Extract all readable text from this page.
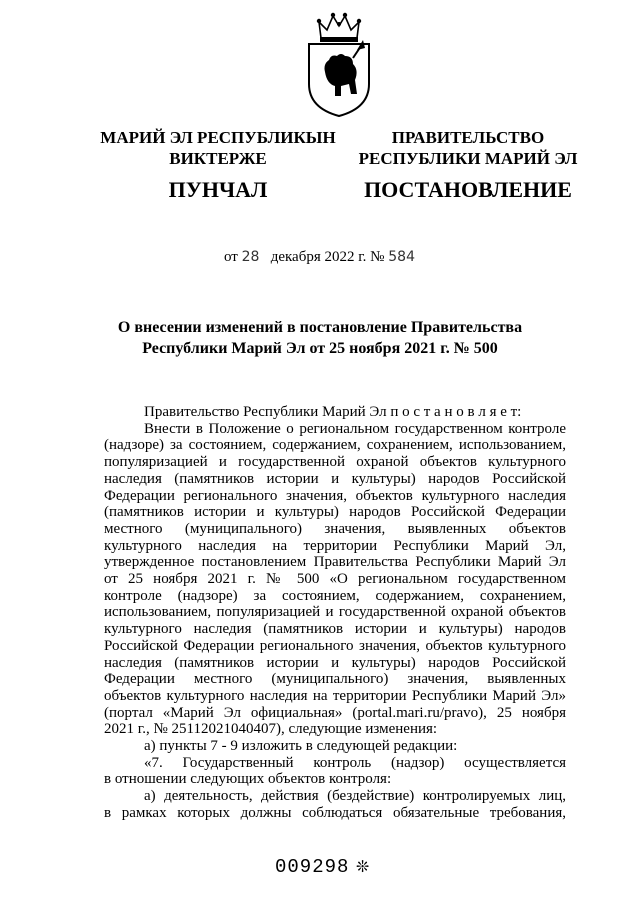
МАРИЙ ЭЛ РЕСПУБЛИКЫН
ВИКТЕРЖЕ
ПУНЧАЛ
ПРАВИТЕЛЬСТВО
РЕСПУБЛИКИ МАРИЙ ЭЛ
ПОСТАНОВЛЕНИЕ
от 28 декабря 2022 г. № 584
О внесении изменений в постановление Правительства
Республики Марий Эл от 25 ноября 2021 г. № 500

Правительство Республики Марий Эл п о с т а н о в л я е т:

Внести в Положение о региональном государственном контроле

(надзоре) за состоянием, содержанием, сохранением, использованием,

популяризацией и государственной охраной объектов культурного

наследия (памятников истории и культуры) народов Российской

Федерации регионального значения, объектов культурного наследия

(памятников истории и культуры) народов Российской Федерации

местного (муниципального) значения, выявленных объектов

культурного наследия на территории Республики Марий Эл,

утвержденное постановлением Правительства Республики Марий Эл

от 25 ноября 2021 г. № 500 «О региональном государственном

контроле (надзоре) за состоянием, содержанием, сохранением,

использованием, популяризацией и государственной охраной объектов

культурного наследия (памятников истории и культуры) народов

Российской Федерации регионального значения, объектов культурного

наследия (памятников истории и культуры) народов Российской

Федерации местного (муниципального) значения, выявленных

объектов культурного наследия на территории Республики Марий Эл»

(портал «Марий Эл официальная» (portal.mari.ru/pravo), 25 ноября

2021 г., № 25112021040407), следующие изменения:

а) пункты 7 - 9 изложить в следующей редакции:

«7. Государственный контроль (надзор) осуществляется

в отношении следующих объектов контроля:

а) деятельность, действия (бездействие) контролируемых лиц,

в рамках которых должны соблюдаться обязательные требования,

009298 ❊
